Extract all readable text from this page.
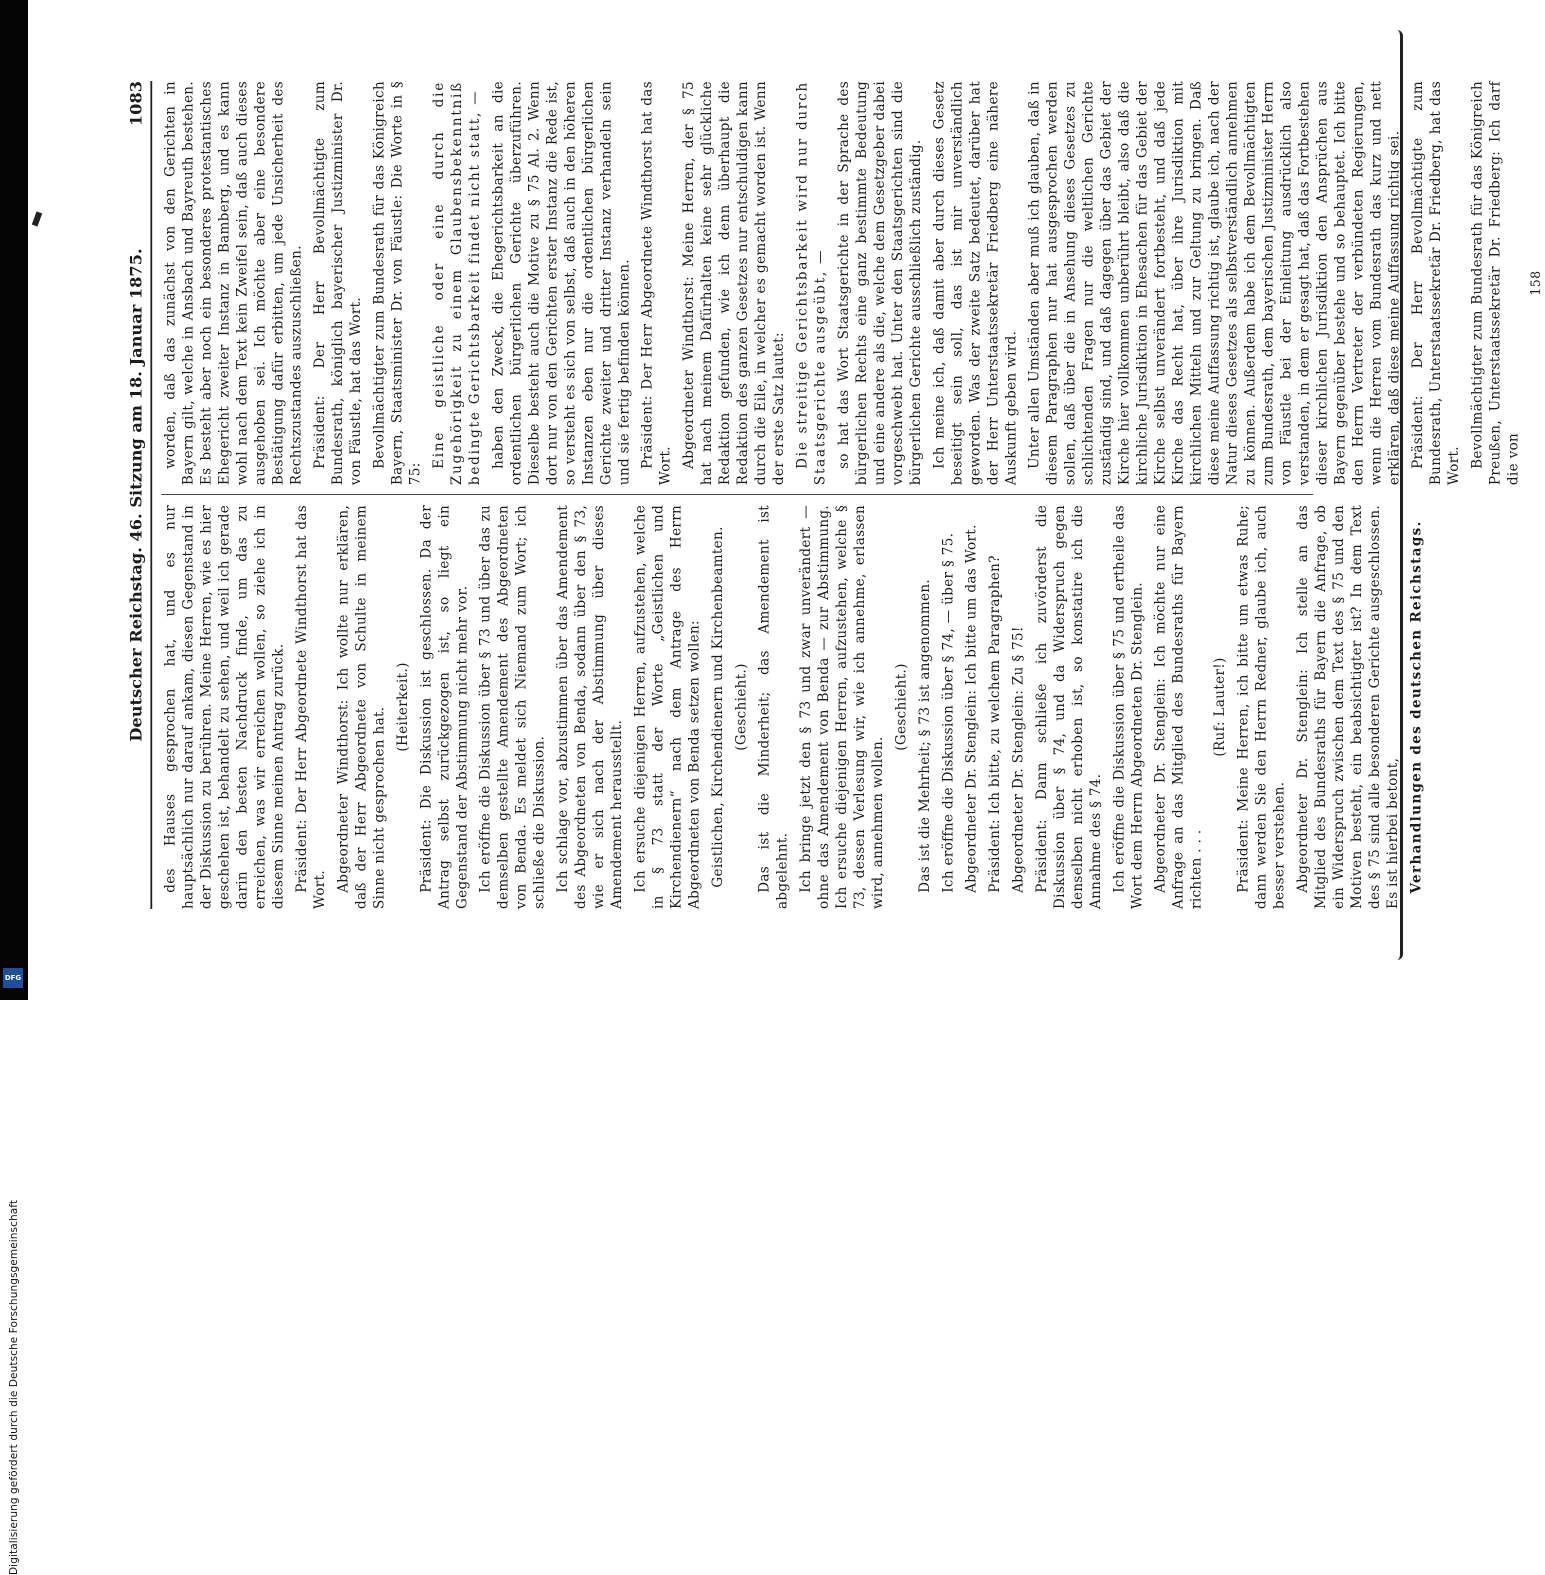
Digitalisierung gefördert durch die Deutsche Forschungsgemeinschaft
DFG
Deutscher Reichstag. 46. Sitzung am 18. Januar 1875.
1083

des Hauses gesprochen hat, und es nur hauptsächlich nur darauf ankam, diesen Gegenstand in der Diskussion zu berühren. Meine Herren, wie es hier geschehen ist, behandelt zu sehen, und weil ich gerade darin den besten Nachdruck finde, um das zu erreichen, was wir erreichen wollen, so ziehe ich in diesem Sinne meinen Antrag zurück. Präsident: Der Herr Abgeordnete Windthorst hat das Wort. Abgeordneter Windthorst: Ich wollte nur erklären, daß der Herr Abgeordnete von Schulte in meinem Sinne nicht gesprochen hat. (Heiterkeit.) Präsident: Die Diskussion ist geschlossen. Da der Antrag selbst zurückgezogen ist, so liegt ein Gegenstand der Abstimmung nicht mehr vor. Ich eröffne die Diskussion über § 73 und über das zu demselben gestellte Amendement des Abgeordneten von Benda. Es meldet sich Niemand zum Wort; ich schließe die Diskussion. Ich schlage vor, abzustimmen über das Amendement des Abgeordneten von Benda, sodann über den § 73, wie er sich nach der Abstimmung über dieses Amendement herausstellt. Ich ersuche diejenigen Herren, aufzustehen, welche in § 73 statt der Worte „Geistlichen und Kirchendienern“ nach dem Antrage des Herrn Abgeordneten von Benda setzen wollen: Geistlichen, Kirchendienern und Kirchenbeamten. (Geschieht.) Das ist die Minderheit; das Amendement ist abgelehnt. Ich bringe jetzt den § 73 und zwar unverändert — ohne das Amendement von Benda — zur Abstimmung. Ich ersuche diejenigen Herren, aufzustehen, welche § 73, dessen Verlesung wir, wie ich annehme, erlassen wird, annehmen wollen.

(Geschieht.) Das ist die Mehrheit; § 73 ist angenommen. Ich eröffne die Diskussion über § 74, — über § 75. Abgeordneter Dr. Stenglein: Ich bitte um das Wort. Präsident: Ich bitte, zu welchem Paragraphen? Abgeordneter Dr. Stenglein: Zu § 75! Präsident: Dann schließe ich zuvörderst die Diskussion über § 74, und da Widerspruch gegen denselben nicht erhoben ist, so konstatire ich die Annahme des § 74. Ich eröffne die Diskussion über § 75 und ertheile das Wort dem Herrn Abgeordneten Dr. Stenglein. Abgeordneter Dr. Stenglein: Ich möchte nur eine Anfrage an das Mitglied des Bundesraths für Bayern richten . . .

(Ruf: Lauter!) Präsident: Meine Herren, ich bitte um etwas Ruhe; dann werden Sie den Herrn Redner, glaube ich, auch besser verstehen. Abgeordneter Dr. Stenglein: Ich stelle an das Mitglied des Bundesraths für Bayern die Anfrage, ob ein Widerspruch zwischen dem Text des § 75 und den Motiven besteht, ein beabsichtigter ist? In dem Text des § 75 sind alle besonderen Gerichte ausgeschlossen. Es ist hierbei betont, Verhandlungen des deutschen Reichstags.

worden, daß das zunächst von den Gerichten in Bayern gilt, welche in Ansbach und Bayreuth bestehen. Es besteht aber noch ein besonderes protestantisches Ehegericht zweiter Instanz in Bamberg, und es kann wohl nach dem Text kein Zweifel sein, daß auch dieses ausgehoben sei. Ich möchte aber eine besondere Bestätigung dafür erbitten, um jede Unsicherheit des Rechtszustandes auszuschließen. Präsident: Der Herr Bevollmächtigte zum Bundesrath, königlich bayerischer Justizminister Dr. von Fäustle, hat das Wort. Bevollmächtigter zum Bundesrath für das Königreich Bayern, Staatsminister Dr. von Fäustle: Die Worte in § 75:

Eine geistliche oder eine durch die Zugehörigkeit zu einem Glaubensbekenntniß bedingte Gerichtsbarkeit findet nicht statt, — haben den Zweck, die Ehegerichtsbarkeit an die ordentlichen bürgerlichen Gerichte überzuführen. Dieselbe besteht auch die Motive zu § 75 Al. 2. Wenn dort nur von den Gerichten erster Instanz die Rede ist, so versteht es sich von selbst, daß auch in den höheren Instanzen eben nur die ordentlichen bürgerlichen Gerichte zweiter und dritter Instanz verhandeln sein und sie fertig befinden können. Präsident: Der Herr Abgeordnete Windthorst hat das Wort. Abgeordneter Windthorst: Meine Herren, der § 75 hat nach meinem Dafürhalten keine sehr glückliche Redaktion gefunden, wie ich denn überhaupt die Redaktion des ganzen Gesetzes nur entschuldigen kann durch die Eile, in welcher es gemacht worden ist. Wenn der erste Satz lautet: Die streitige Gerichtsbarkeit wird nur durch Staatsgerichte ausgeübt, — so hat das Wort Staatsgerichte in der Sprache des bürgerlichen Rechts eine ganz bestimmte Bedeutung und eine andere als die, welche dem Gesetzgeber dabei vorgeschwebt hat. Unter den Staatsgerichten sind die bürgerlichen Gerichte ausschließlich zuständig. Ich meine ich, daß damit aber durch dieses Gesetz beseitigt sein soll, das ist mir unverständlich geworden. Was der zweite Satz bedeutet, darüber hat der Herr Unterstaatssekretär Friedberg eine nähere Auskunft geben wird. Unter allen Umständen aber muß ich glauben, daß in diesem Paragraphen nur hat ausgesprochen werden sollen, daß über die in Ansehung dieses Gesetzes zu schlichtenden Fragen nur die weltlichen Gerichte zuständig sind, und daß dagegen über das Gebiet der Kirche hier vollkommen unberührt bleibt, also daß die kirchliche Jurisdiktion in Ehesachen für das Gebiet der Kirche selbst unverändert fortbesteht, und daß jede Kirche das Recht hat, über ihre Jurisdiktion mit kirchlichen Mitteln und zur Geltung zu bringen. Daß diese meine Auffassung richtig ist, glaube ich, nach der Natur dieses Gesetzes als selbstverständlich annehmen zu können. Außerdem habe ich dem Bevollmächtigten zum Bundesrath, dem bayerischen Justizminister Herrn von Fäustle bei der Einleitung ausdrücklich also verstanden, in dem er gesagt hat, daß das Fortbestehen dieser kirchlichen Jurisdiktion den Ansprüchen aus Bayern gegenüber bestehe und so behauptet. Ich bitte den Herrn Vertreter der verbündeten Regierungen, wenn die Herren vom Bundesrath das kurz und nett erklären, daß diese meine Auffassung richtig sei. Präsident: Der Herr Bevollmächtigte zum Bundesrath, Unterstaatssekretär Dr. Friedberg, hat das Wort. Bevollmächtigter zum Bundesrath für das Königreich Preußen, Unterstaatssekretär Dr. Friedberg: Ich darf die von

158
